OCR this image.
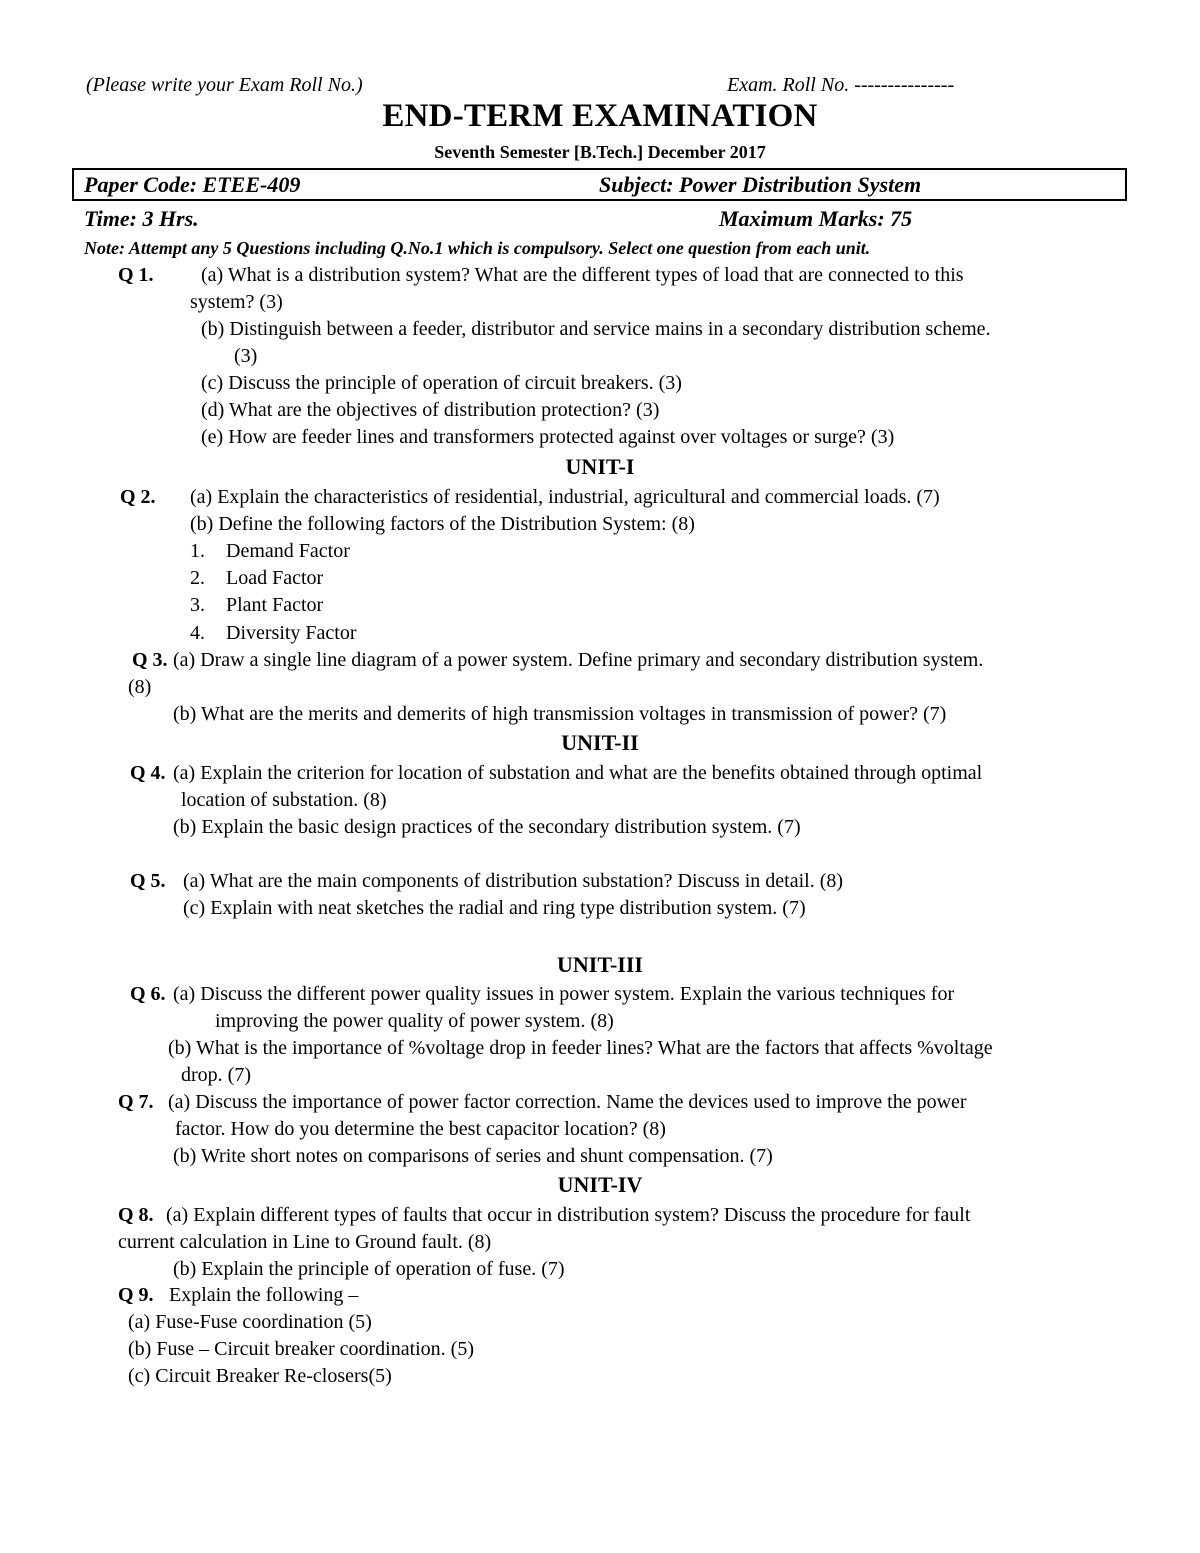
(Please write your Exam Roll No.)	Exam. Roll No. ---------------
END-TERM EXAMINATION
Seventh Semester [B.Tech.] December 2017
Paper Code: ETEE-409	Subject: Power Distribution System
Time: 3 Hrs.	Maximum Marks: 75
Note: Attempt any 5 Questions including Q.No.1 which is compulsory. Select one question from each unit.
Q 1. (a) What is a distribution system? What are the different types of load that are connected to this
system? (3)
(b) Distinguish between a feeder, distributor and service mains in a secondary distribution scheme.
(3)
(c) Discuss the principle of operation of circuit breakers. (3)
(d) What are the objectives of distribution protection? (3)
(e) How are feeder lines and transformers protected against over voltages or surge? (3)
UNIT-I
Q 2. (a) Explain the characteristics of residential, industrial, agricultural and commercial loads. (7)
(b) Define the following factors of the Distribution System: (8)
1. Demand Factor
2. Load Factor
3. Plant Factor
4. Diversity Factor
Q 3. (a) Draw a single line diagram of a power system. Define primary and secondary distribution system.
(8)
(b) What are the merits and demerits of high transmission voltages in transmission of power? (7)
UNIT-II
Q 4. (a) Explain the criterion for location of substation and what are the benefits obtained through optimal
location of substation. (8)
(b) Explain the basic design practices of the secondary distribution system. (7)
Q 5. (a) What are the main components of distribution substation? Discuss in detail. (8)
(c) Explain with neat sketches the radial and ring type distribution system. (7)
UNIT-III
Q 6. (a) Discuss the different power quality issues in power system. Explain the various techniques for
improving the power quality of power system. (8)
(b) What is the importance of %voltage drop in feeder lines? What are the factors that affects %voltage
drop. (7)
Q 7. (a) Discuss the importance of power factor correction. Name the devices used to improve the power
factor. How do you determine the best capacitor location? (8)
(b) Write short notes on comparisons of series and shunt compensation. (7)
UNIT-IV
Q 8. (a) Explain different types of faults that occur in distribution system? Discuss the procedure for fault
current calculation in Line to Ground fault. (8)
(b) Explain the principle of operation of fuse. (7)
Q 9. Explain the following –
(a) Fuse-Fuse coordination (5)
(b) Fuse – Circuit breaker coordination. (5)
(c) Circuit Breaker Re-closers(5)
